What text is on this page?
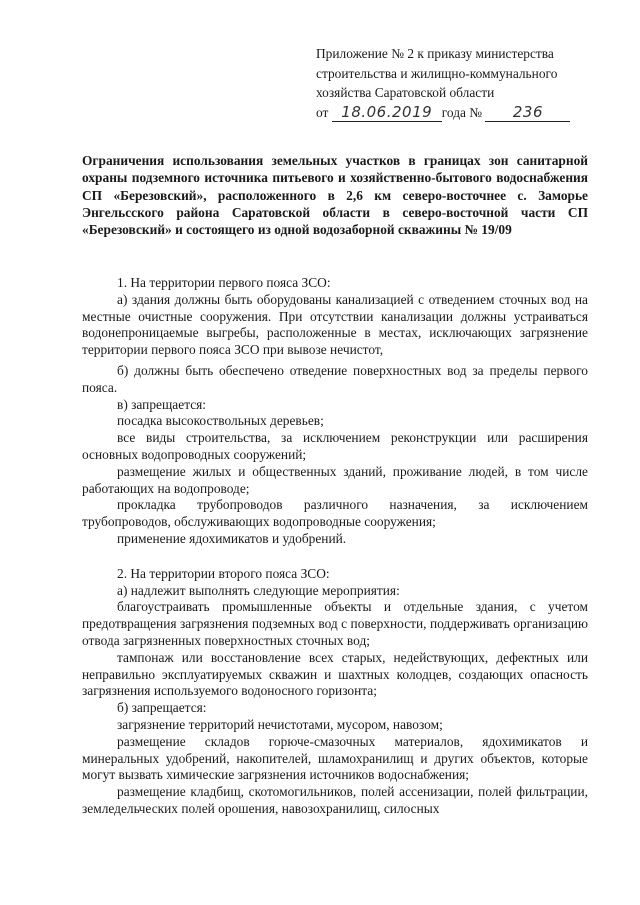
Приложение № 2 к приказу министерства
строительства и жилищно-коммунального
хозяйства Саратовской области
от 18.06.2019 года № 236
Ограничения использования земельных участков в границах зон санитарной охраны подземного источника питьевого и хозяйственно-бытового водоснабжения СП «Березовский», расположенного в 2,6 км северо-восточнее с. Заморье Энгельсского района Саратовской области в северо-восточной части СП «Березовский» и состоящего из одной водозаборной скважины № 19/09

1. На территории первого пояса ЗСО:

а) здания должны быть оборудованы канализацией с отведением сточных вод на местные очистные сооружения. При отсутствии канализации должны устраиваться водонепроницаемые выгребы, расположенные в местах, исключающих загрязнение территории первого пояса ЗСО при вывозе нечистот,

б) должны быть обеспечено отведение поверхностных вод за пределы первого пояса.

в) запрещается:

посадка высокоствольных деревьев;

все виды строительства, за исключением реконструкции или расширения основных водопроводных сооружений;

размещение жилых и общественных зданий, проживание людей, в том числе работающих на водопроводе;

прокладка трубопроводов различного назначения, за исключением трубопроводов, обслуживающих водопроводные сооружения;

применение ядохимикатов и удобрений.

2. На территории второго пояса ЗСО:

а) надлежит выполнять следующие мероприятия:

благоустраивать промышленные объекты и отдельные здания, с учетом предотвращения загрязнения подземных вод с поверхности, поддерживать организацию отвода загрязненных поверхностных сточных вод;

тампонаж или восстановление всех старых, недействующих, дефектных или неправильно эксплуатируемых скважин и шахтных колодцев, создающих опасность загрязнения используемого водоносного горизонта;

б) запрещается:

загрязнение территорий нечистотами, мусором, навозом;

размещение складов горюче-смазочных материалов, ядохимикатов и минеральных удобрений, накопителей, шламохранилищ и других объектов, которые могут вызвать химические загрязнения источников водоснабжения;

размещение кладбищ, скотомогильников, полей ассенизации, полей фильтрации, земледельческих полей орошения, навозохранилищ, силосных
